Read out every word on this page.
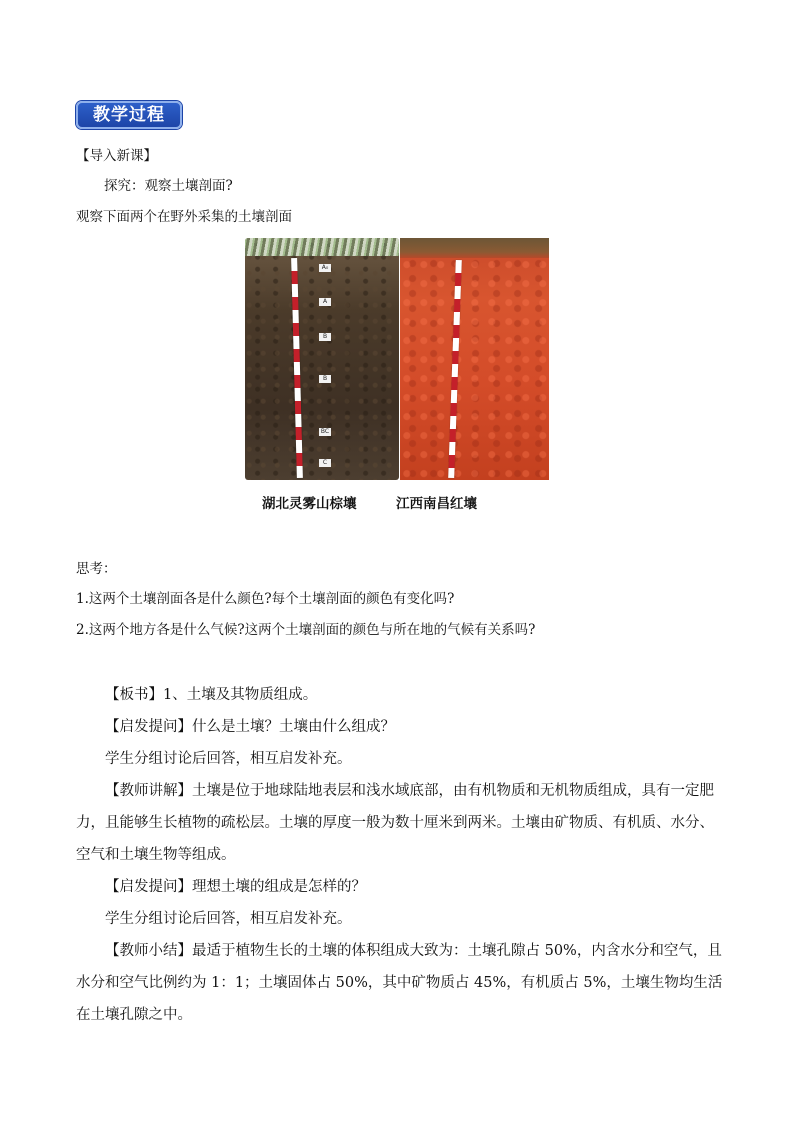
教学过程
【导入新课】
探究：观察土壤剖面?
观察下面两个在野外采集的土壤剖面
A₀
A
B
B
BC
C
湖北灵雾山棕壤	江西南昌红壤
思考：
1.这两个土壤剖面各是什么颜色?每个土壤剖面的颜色有变化吗?
2.这两个地方各是什么气候?这两个土壤剖面的颜色与所在地的气候有关系吗?
【板书】1、土壤及其物质组成。
【启发提问】什么是土壤？土壤由什么组成？
学生分组讨论后回答，相互启发补充。
【教师讲解】土壤是位于地球陆地表层和浅水域底部，由有机物质和无机物质组成，具有一定肥力，且能够生长植物的疏松层。土壤的厚度一般为数十厘米到两米。土壤由矿物质、有机质、水分、空气和土壤生物等组成。
【启发提问】理想土壤的组成是怎样的？
学生分组讨论后回答，相互启发补充。
【教师小结】最适于植物生长的土壤的体积组成大致为：土壤孔隙占 50%，内含水分和空气，且水分和空气比例约为 1：1；土壤固体占 50%，其中矿物质占 45%，有机质占 5%，土壤生物均生活在土壤孔隙之中。
